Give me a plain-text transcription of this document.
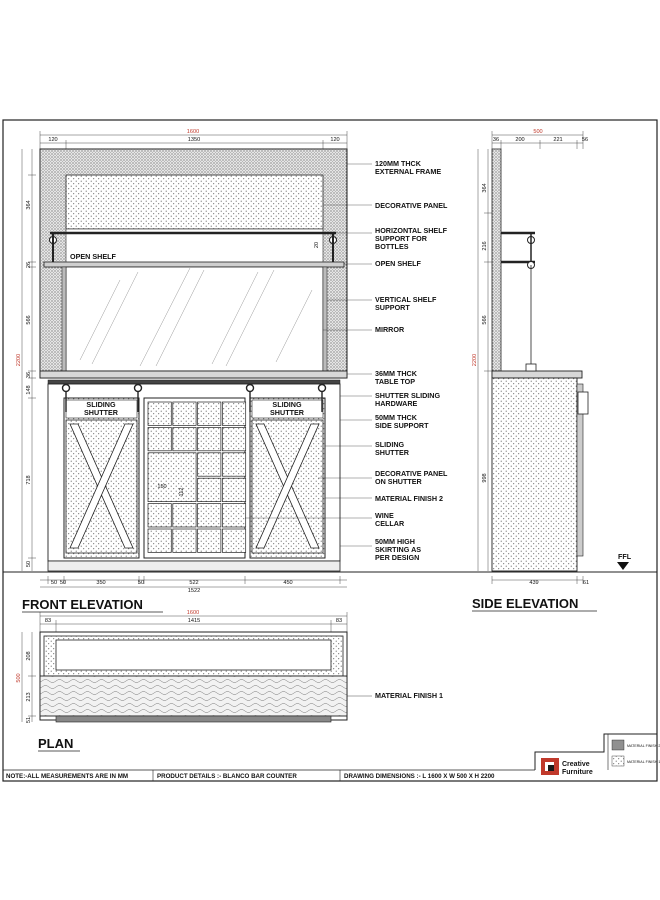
FRONT ELEVATION	SIDE ELEVATION
PLAN
120MM THCK EXTERNAL FRAME
DECORATIVE PANEL
HORIZONTAL SHELF SUPPORT FOR BOTTLES
OPEN SHELF
VERTICAL SHELF SUPPORT
MIRROR
36MM THCK TABLE TOP
SHUTTER SLIDING HARDWARE
50MM THCK SIDE SUPPORT
SLIDING SHUTTER
DECORATIVE PANEL ON SHUTTER
MATERIAL FINISH 2
WINE CELLAR
50MM HIGH SKIRTING AS PER DESIGN
MATERIAL FINISH 1
OPEN SHELF
SLIDING
SHUTTER
SLIDING
SHUTTER
FFL
1600
120	1350	120
2200
364
26
566
36
148
718
50
20
50 50	350	50	522	450
1522
150
112
500
36	200	221	56
364
216
566
2200
998
439	61
1600
83	1415	83
208
500
213
51
MATERIAL FINISH 2
MATERIAL FINISH 1
Creative
Furniture
NOTE:-ALL MEASUREMENTS ARE IN MM	PRODUCT DETAILS :- BLANCO BAR COUNTER	DRAWING DIMENSIONS :- L 1600 X W 500 X H 2200
